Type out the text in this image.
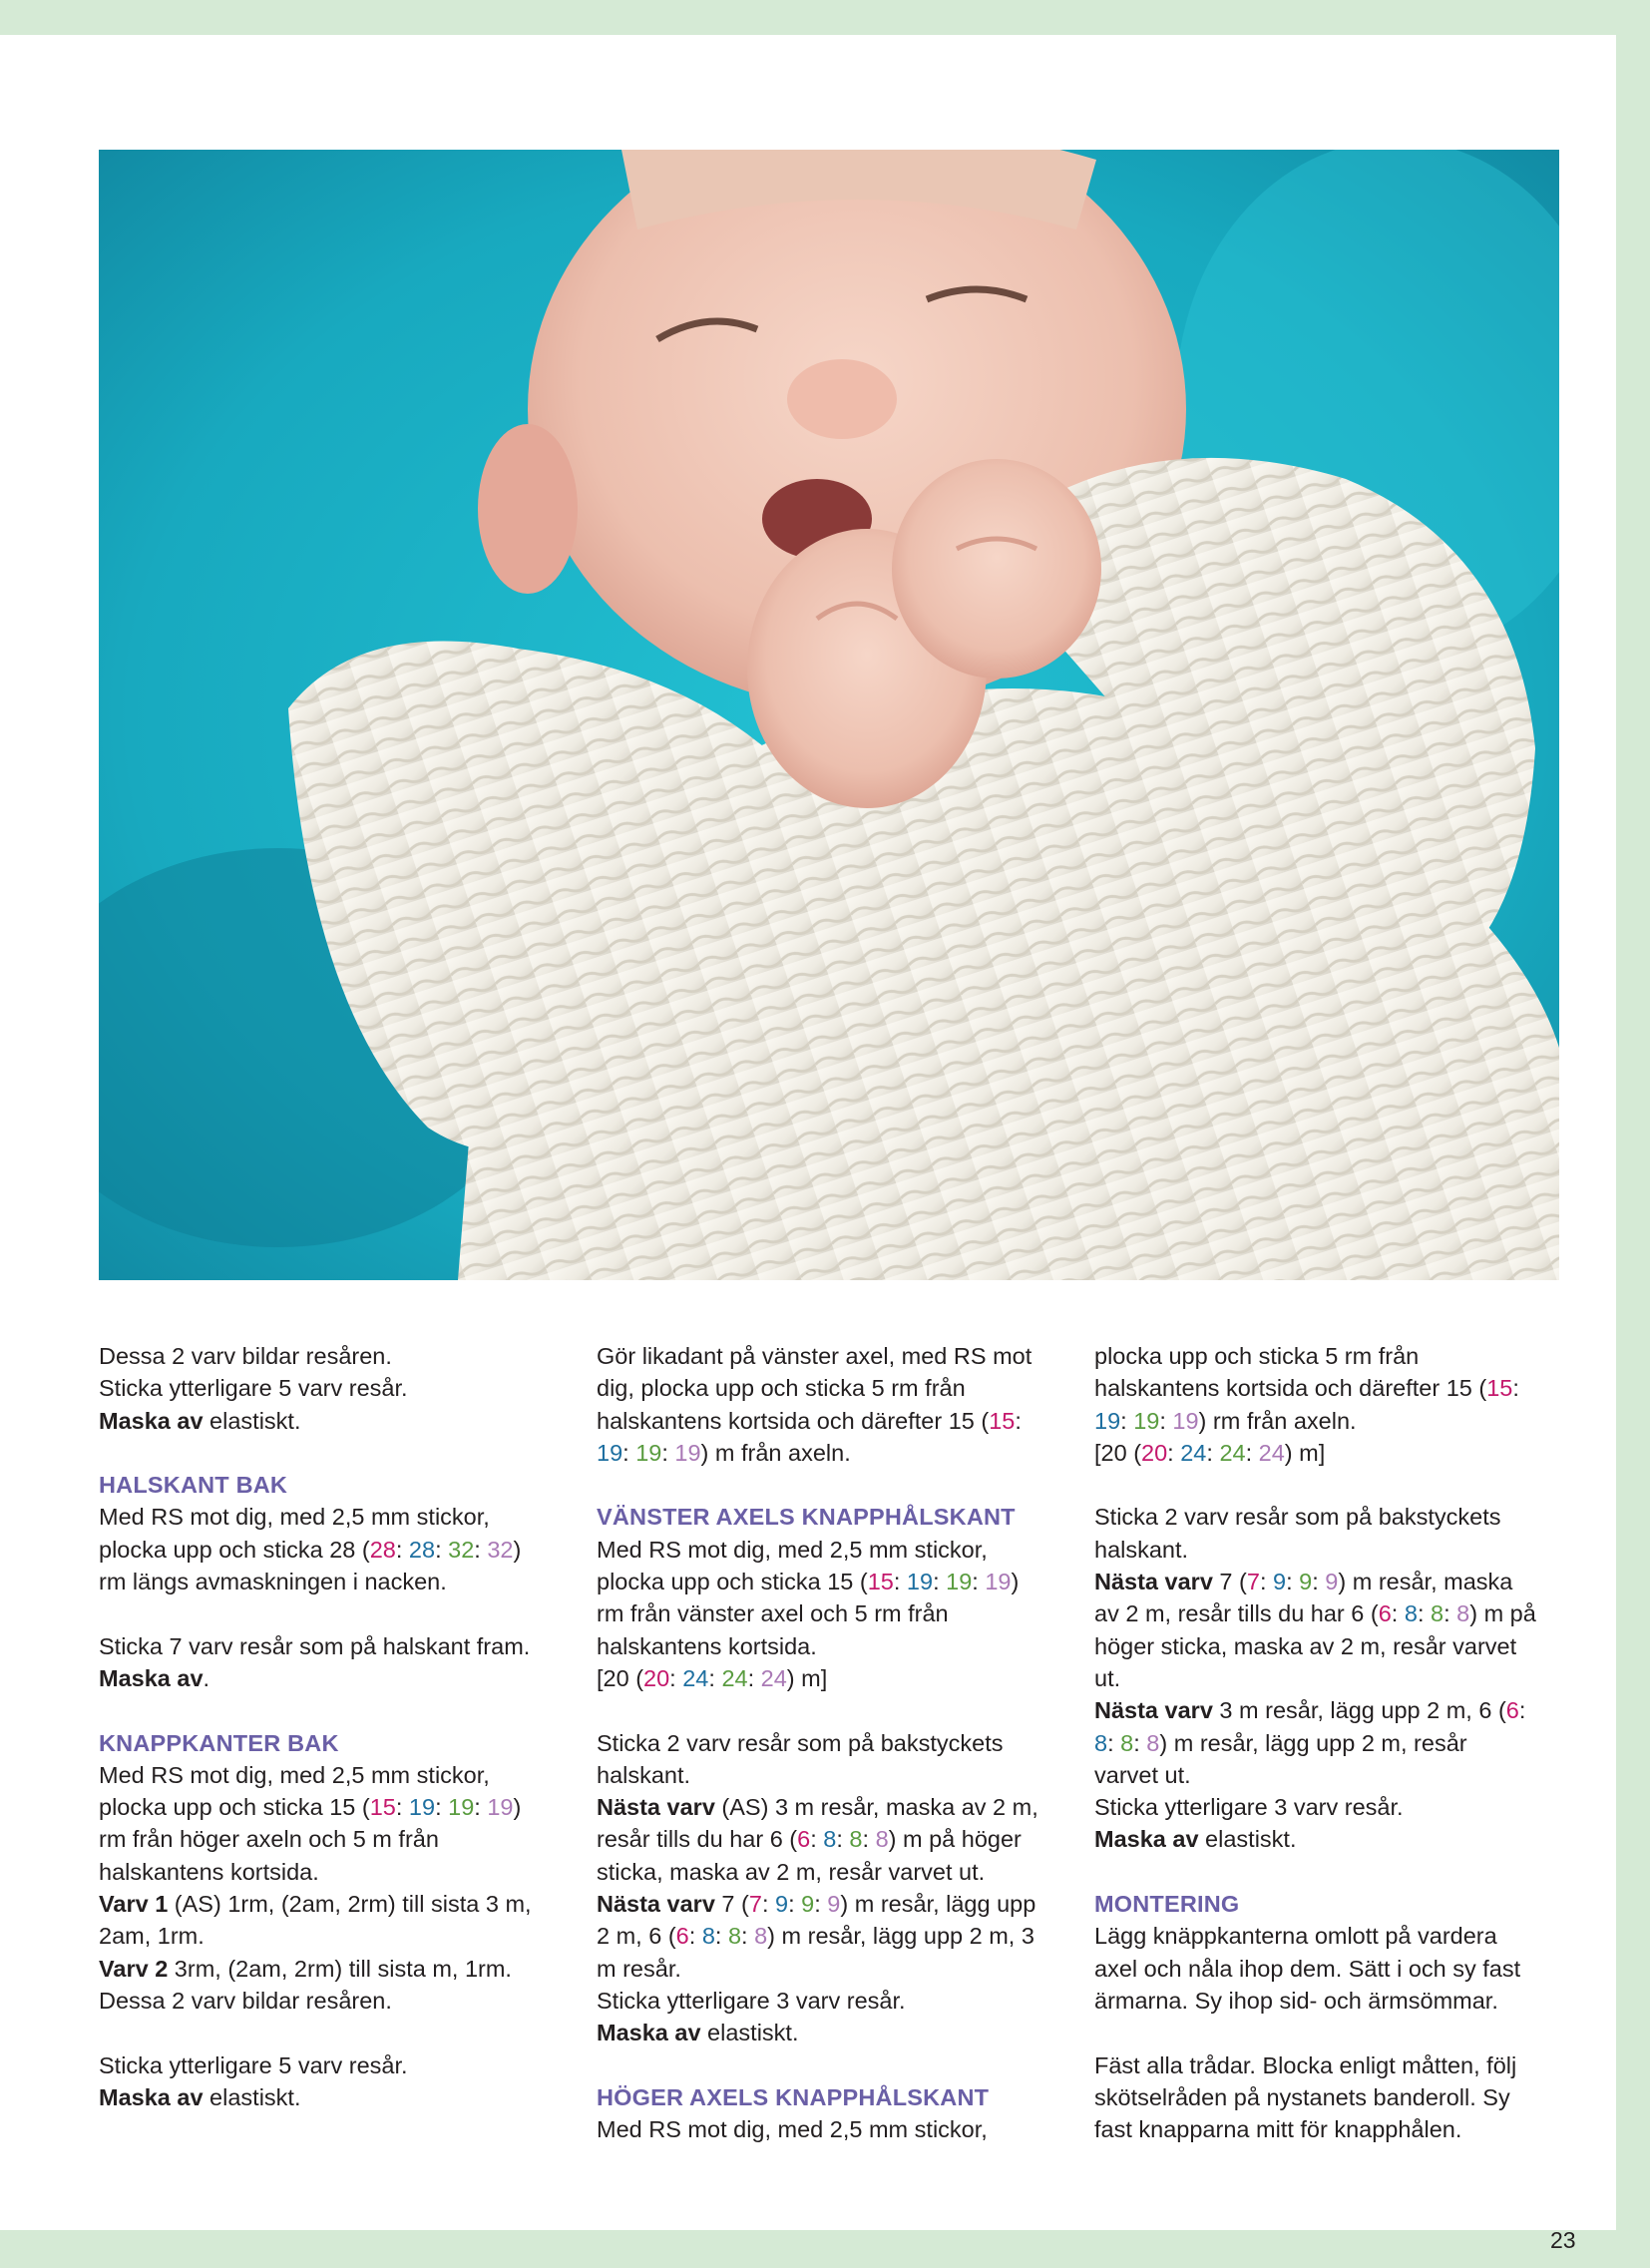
Dessa 2 varv bildar resåren.

Sticka ytterligare 5 varv resår.

Maska av elastiskt.

HALSKANT BAK

Med RS mot dig, med 2,5 mm stickor,

plocka upp och sticka 28 (28: 28: 32: 32)

rm längs avmaskningen i nacken.

Sticka 7 varv resår som på halskant fram.

Maska av.

KNAPPKANTER BAK

Med RS mot dig, med 2,5 mm stickor,

plocka upp och sticka 15 (15: 19: 19: 19)

rm från höger axeln och 5 m från

halskantens kortsida.

Varv 1 (AS) 1rm, (2am, 2rm) till sista 3 m,

2am, 1rm.

Varv 2 3rm, (2am, 2rm) till sista m, 1rm.

Dessa 2 varv bildar resåren.

Sticka ytterligare 5 varv resår.

Maska av elastiskt.

Gör likadant på vänster axel, med RS mot

dig, plocka upp och sticka 5 rm från

halskantens kortsida och därefter 15 (15:

19: 19: 19) m från axeln.

VÄNSTER AXELS KNAPPHÅLSKANT

Med RS mot dig, med 2,5 mm stickor,

plocka upp och sticka 15 (15: 19: 19: 19)

rm från vänster axel och 5 rm från

halskantens kortsida.

[20 (20: 24: 24: 24) m]

Sticka 2 varv resår som på bakstyckets

halskant.

Nästa varv (AS) 3 m resår, maska av 2 m,

resår tills du har 6 (6: 8: 8: 8) m på höger

sticka, maska av 2 m, resår varvet ut.

Nästa varv 7 (7: 9: 9: 9) m resår, lägg upp

2 m, 6 (6: 8: 8: 8) m resår, lägg upp 2 m, 3

m resår.

Sticka ytterligare 3 varv resår.

Maska av elastiskt.

HÖGER AXELS KNAPPHÅLSKANT

Med RS mot dig, med 2,5 mm stickor,

plocka upp och sticka 5 rm från

halskantens kortsida och därefter 15 (15:

19: 19: 19) rm från axeln.

[20 (20: 24: 24: 24) m]

Sticka 2 varv resår som på bakstyckets

halskant.

Nästa varv 7 (7: 9: 9: 9) m resår, maska

av 2 m, resår tills du har 6 (6: 8: 8: 8) m på

höger sticka, maska av 2 m, resår varvet

ut.

Nästa varv 3 m resår, lägg upp 2 m, 6 (6:

8: 8: 8) m resår, lägg upp 2 m, resår

varvet ut.

Sticka ytterligare 3 varv resår.

Maska av elastiskt.

MONTERING

Lägg knäppkanterna omlott på vardera

axel och nåla ihop dem. Sätt i och sy fast

ärmarna. Sy ihop sid- och ärmsömmar.

Fäst alla trådar. Blocka enligt måtten, följ

skötselråden på nystanets banderoll. Sy

fast knapparna mitt för knapphålen.

23
